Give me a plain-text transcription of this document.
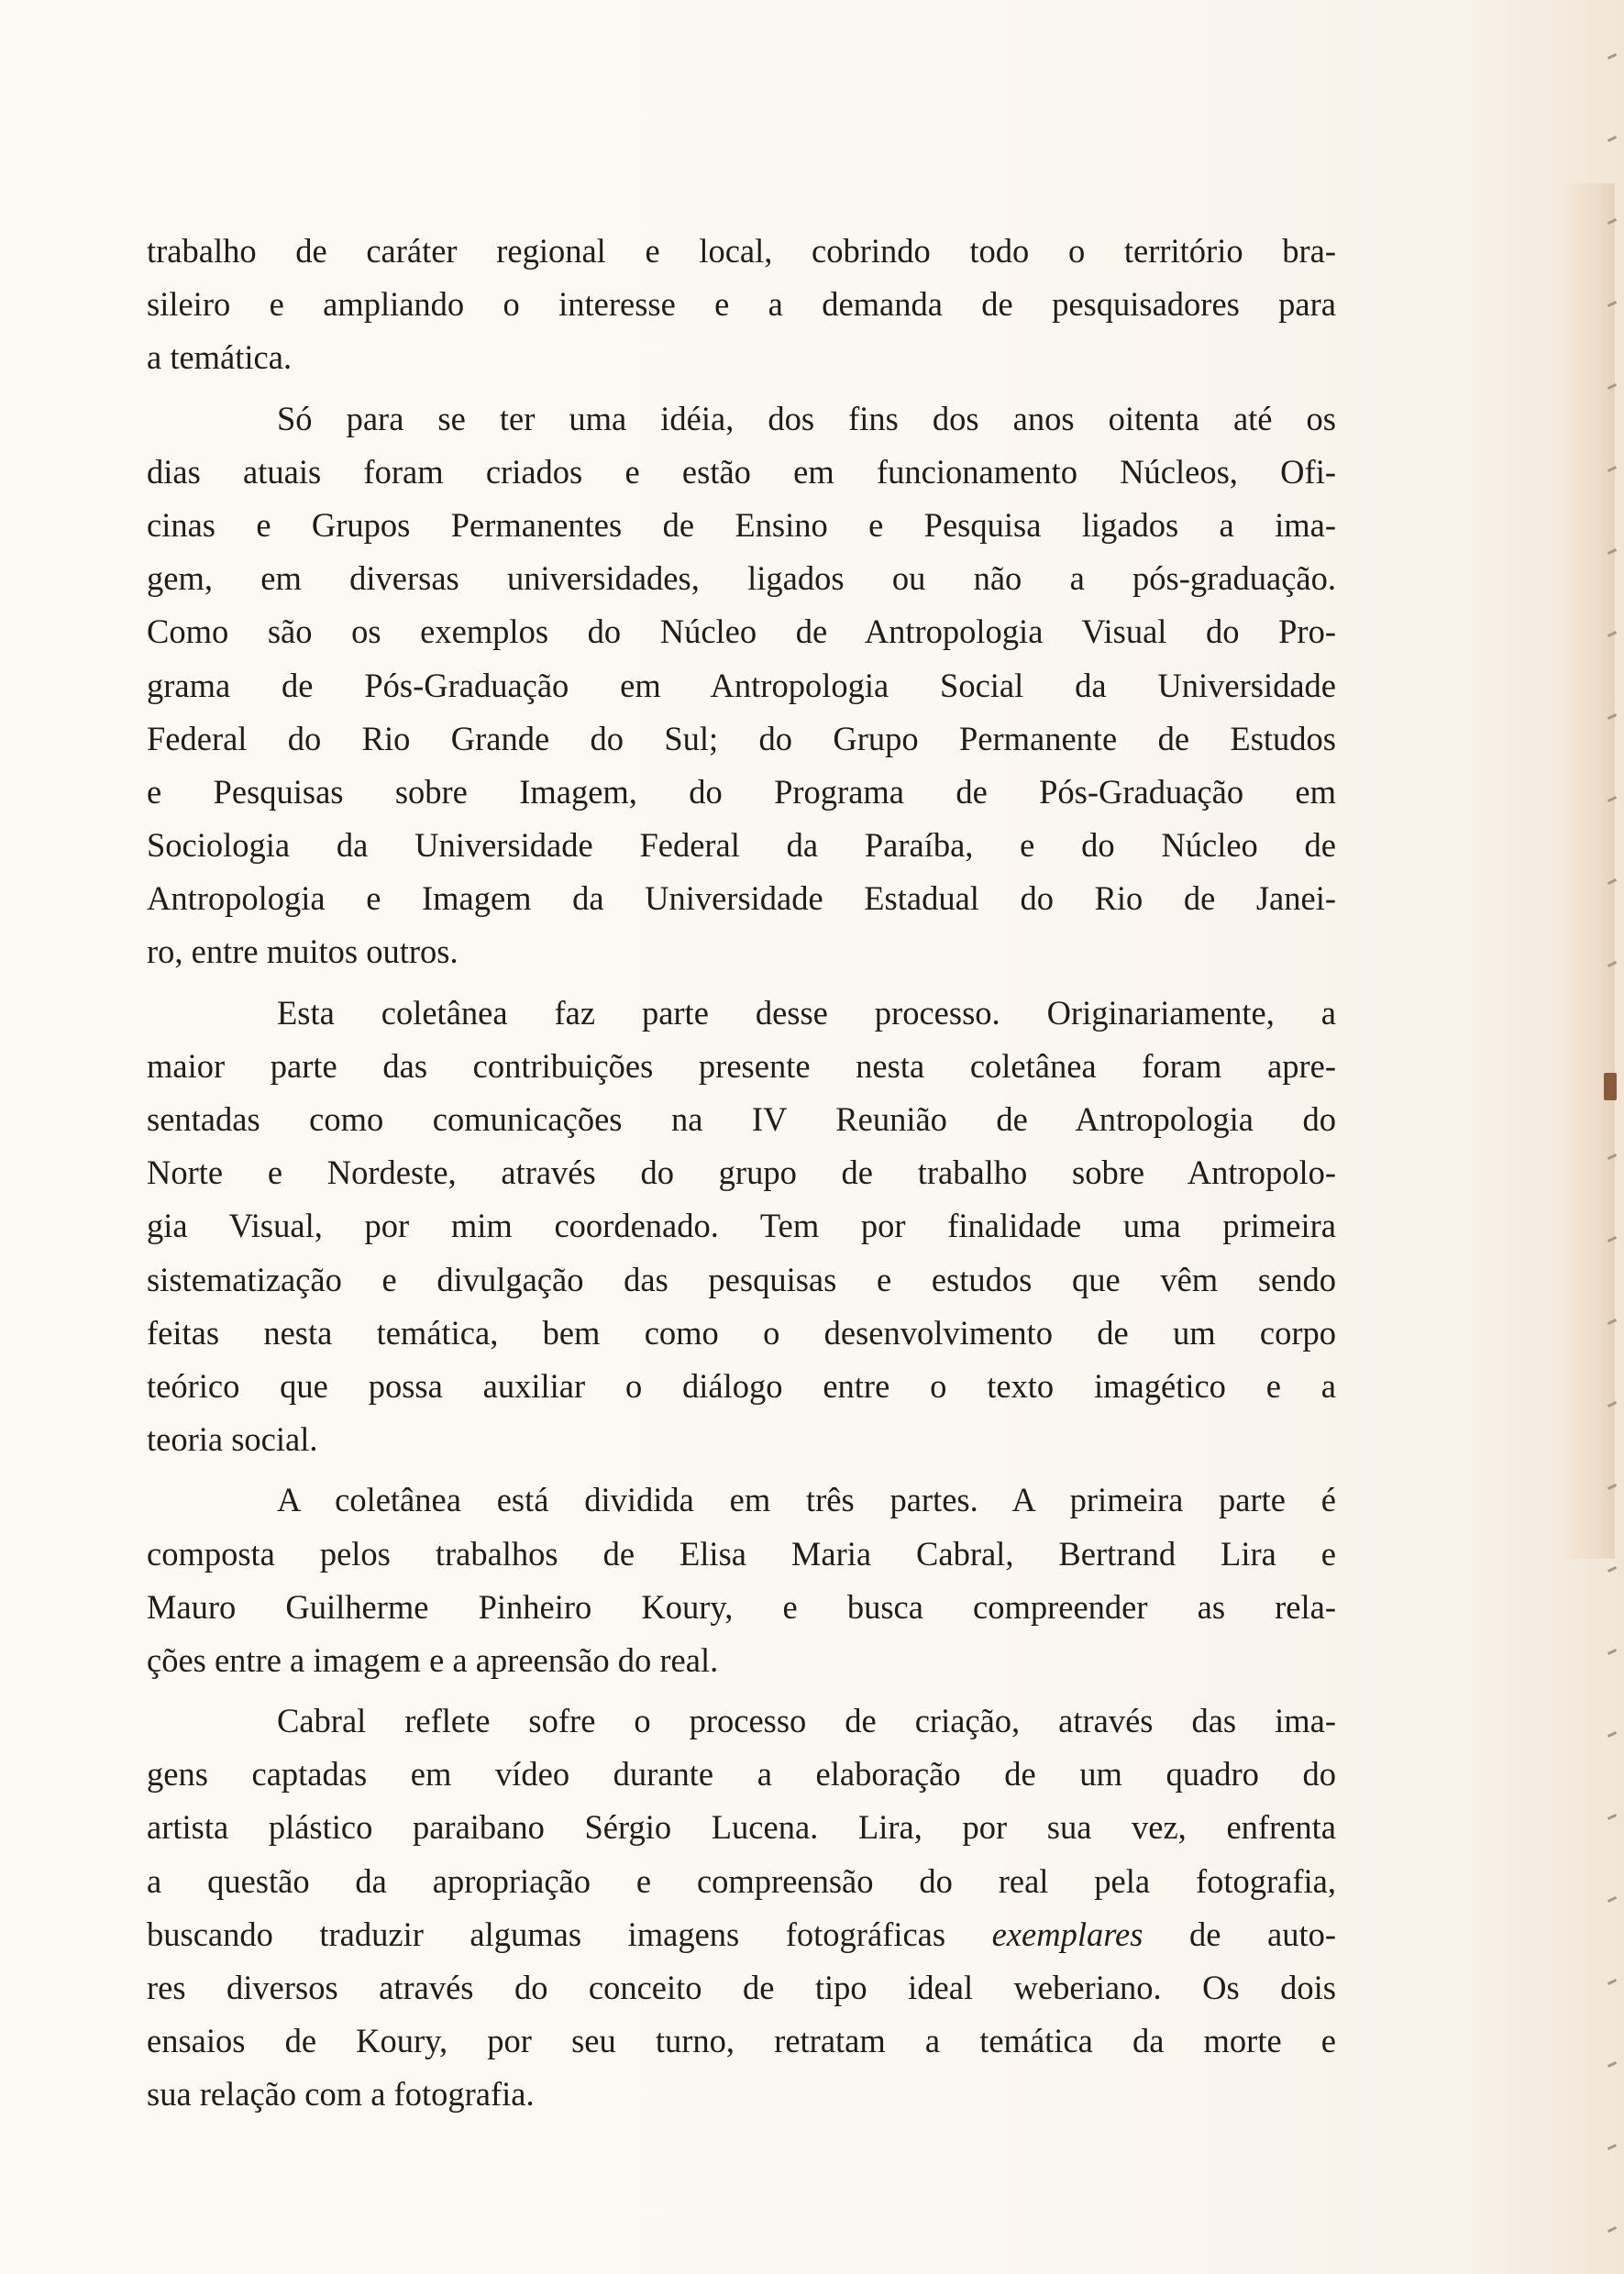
trabalho de caráter regional e local, cobrindo todo o território bra-
sileiro e ampliando o interesse e a demanda de pesquisadores para
a temática.
Só para se ter uma idéia, dos fins dos anos oitenta até os
dias atuais foram criados e estão em funcionamento Núcleos, Ofi-
cinas e Grupos Permanentes de Ensino e Pesquisa ligados a ima-
gem, em diversas universidades, ligados ou não a pós-graduação.
Como são os exemplos do Núcleo de Antropologia Visual do Pro-
grama de Pós-Graduação em Antropologia Social da Universidade
Federal do Rio Grande do Sul; do Grupo Permanente de Estudos
e Pesquisas sobre Imagem, do Programa de Pós-Graduação em
Sociologia da Universidade Federal da Paraíba, e do Núcleo de
Antropologia e Imagem da Universidade Estadual do Rio de Janei-
ro, entre muitos outros.
Esta coletânea faz parte desse processo. Originariamente, a
maior parte das contribuições presente nesta coletânea foram apre-
sentadas como comunicações na IV Reunião de Antropologia do
Norte e Nordeste, através do grupo de trabalho sobre Antropolo-
gia Visual, por mim coordenado. Tem por finalidade uma primeira
sistematização e divulgação das pesquisas e estudos que vêm sendo
feitas nesta temática, bem como o desenvolvimento de um corpo
teórico que possa auxiliar o diálogo entre o texto imagético e a
teoria social.
A coletânea está dividida em três partes. A primeira parte é
composta pelos trabalhos de Elisa Maria Cabral, Bertrand Lira e
Mauro Guilherme Pinheiro Koury, e busca compreender as rela-
ções entre a imagem e a apreensão do real.
Cabral reflete sofre o processo de criação, através das ima-
gens captadas em vídeo durante a elaboração de um quadro do
artista plástico paraibano Sérgio Lucena. Lira, por sua vez, enfrenta
a questão da apropriação e compreensão do real pela fotografia,
buscando traduzir algumas imagens fotográficas exemplares de auto-
res diversos através do conceito de tipo ideal weberiano. Os dois
ensaios de Koury, por seu turno, retratam a temática da morte e
sua relação com a fotografia.
